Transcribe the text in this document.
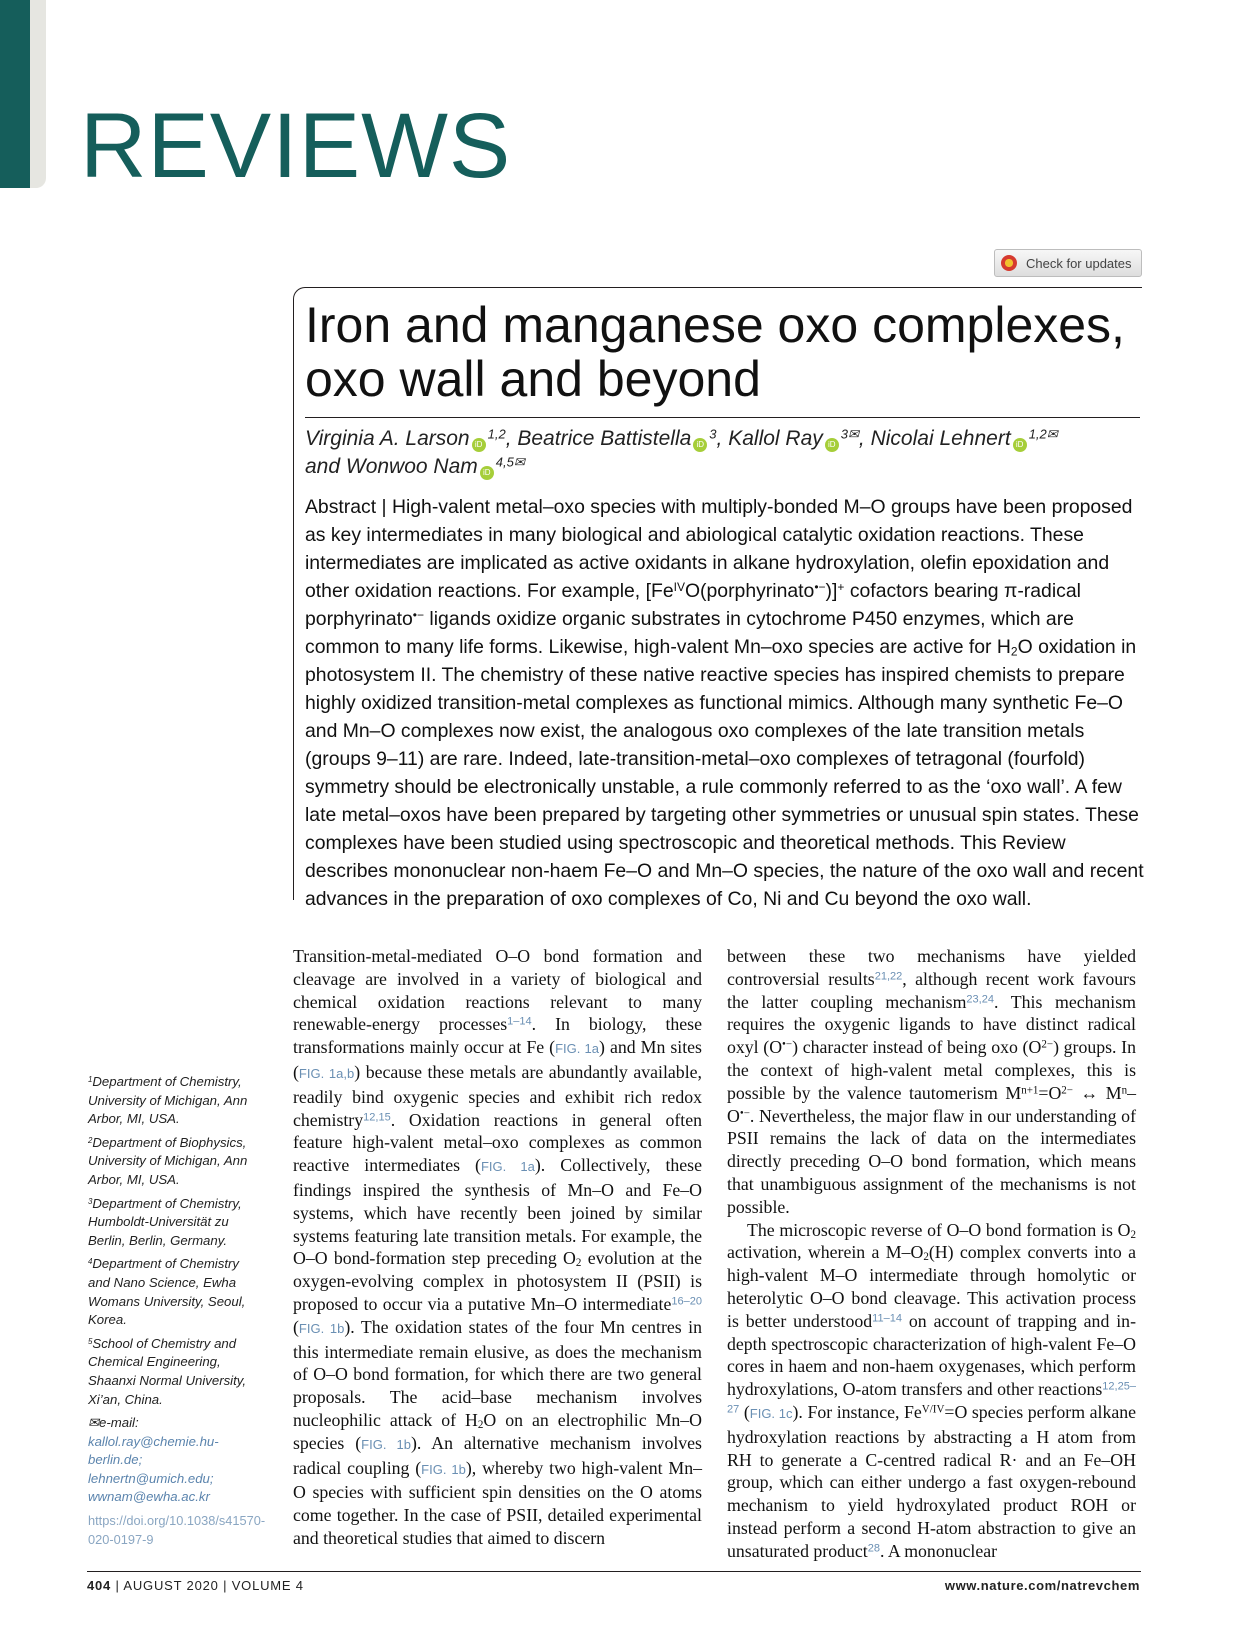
REVIEWS
Check for updates
Iron and manganese oxo complexes,
oxo wall and beyond
Virginia A. Larson iD$^{1,2}$, Beatrice Battistella $iD^3$, Kallol Ray $iD^{3✉}$, Nicolai Lehnert $iD^{1,2✉}$
and Wonwoo Nam $iD^{4,5✉}$
Abstract | High-valent metal–oxo species with multiply-bonded M–O groups have been proposed as key intermediates in many biological and abiological catalytic oxidation reactions. These intermediates are implicated as active oxidants in alkane hydroxylation, olefin epoxidation and other oxidation reactions. For example, $[Fe^{IV}O(porphyrinato^{•-})]^+$ cofactors bearing π-radical porphyrinato•− ligands oxidize organic substrates in cytochrome P450 enzymes, which are common to many life forms. Likewise, high-valent Mn–oxo species are active for $H_2O$ oxidation in photosystem II. The chemistry of these native reactive species has inspired chemists to prepare highly oxidized transition-metal complexes as functional mimics. Although many synthetic Fe–O and Mn–O complexes now exist, the analogous oxo complexes of the late transition metals (groups 9–11) are rare. Indeed, late-transition-metal–oxo complexes of tetragonal (fourfold) symmetry should be electronically unstable, a rule commonly referred to as the ‘oxo wall’. A few late metal–oxos have been prepared by targeting other symmetries or unusual spin states. These complexes have been studied using spectroscopic and theoretical methods. This Review describes mononuclear non-haem Fe–O and Mn–O species, the nature of the oxo wall and recent advances in the preparation of oxo complexes of Co, Ni and Cu beyond the oxo wall.

Transition-metal-mediated O–O bond formation and cleavage are involved in a variety of biological and chemical oxidation reactions relevant to many renewable-energy processes$^{1-14}$. In biology, these transformations mainly occur at Fe (FIG. 1a) and Mn sites (FIG. 1a,b) because these metals are abundantly available, readily bind oxygenic species and exhibit rich redox chemistry$^{12,15}$. Oxidation reactions in general often feature high-valent metal–oxo complexes as common reactive intermediates (FIG. 1a). Collectively, these findings inspired the synthesis of Mn–O and Fe–O systems, which have recently been joined by similar systems featuring late transition metals. For example, the O–O bond-formation step preceding $O_2$ evolution at the oxygen-evolving complex in photosystem II (PSII) is proposed to occur via a putative Mn–O intermediate$^{16-20}$ (FIG. 1b). The oxidation states of the four Mn centres in this intermediate remain elusive, as does the mechanism of O–O bond formation, for which there are two general proposals. The acid–base mechanism involves nucleophilic attack of $H_2O$ on an electrophilic Mn–O species (FIG. 1b). An alternative mechanism involves radical coupling (FIG. 1b), whereby two high-valent Mn–O species with sufficient spin densities on the O atoms come together. In the case of PSII, detailed experimental and theoretical studies that aimed to discern

between these two mechanisms have yielded controversial results$^{21,22}$, although recent work favours the latter coupling mechanism$^{23,24}$. This mechanism requires the oxygenic ligands to have distinct radical oxyl (O•−) character instead of being oxo $(O^{2-})$ groups. In the context of high-valent metal complexes, this is possible by the valence tautomerism $M^{n+1}=O^{2-}$ ↔ $M^n-O^{•-}$. Nevertheless, the major flaw in our understanding of PSII remains the lack of data on the intermediates directly preceding O–O bond formation, which means that unambiguous assignment of the mechanisms is not possible.

The microscopic reverse of O–O bond formation is $O_2$ activation, wherein a $M-O_2(H)$ complex converts into a high-valent M–O intermediate through homolytic or heterolytic O–O bond cleavage. This activation process is better understood$^{11-14}$ on account of trapping and in-depth spectroscopic characterization of high-valent Fe–O cores in haem and non-haem oxygenases, which perform hydroxylations, O-atom transfers and other reactions$^{12,25-27}$ (FIG. 1c). For instance, $Fe^{V/IV}=O$ species perform alkane hydroxylation reactions by abstracting a H atom from RH to generate a C-centred radical R· and an Fe–OH group, which can either undergo a fast oxygen-rebound mechanism to yield hydroxylated product ROH or instead perform a second H-atom abstraction to give an unsaturated product$^{28}$. A mononuclear

$^1$Department of Chemistry, University of Michigan, Ann Arbor, MI, USA.
$^2$Department of Biophysics, University of Michigan, Ann Arbor, MI, USA.
$^3$Department of Chemistry, Humboldt-Universität zu Berlin, Berlin, Germany.
$^4$Department of Chemistry and Nano Science, Ewha Womans University, Seoul, Korea.
$^5$School of Chemistry and Chemical Engineering, Shaanxi Normal University, Xi’an, China.
✉e-mail: kallol.ray@chemie.hu-berlin.de; lehnertn@umich.edu; wwnam@ewha.ac.kr
https://doi.org/10.1038/s41570-020-0197-9
404 | AUGUST 2020 | VOLUME 4	www.nature.com/natrevchem
